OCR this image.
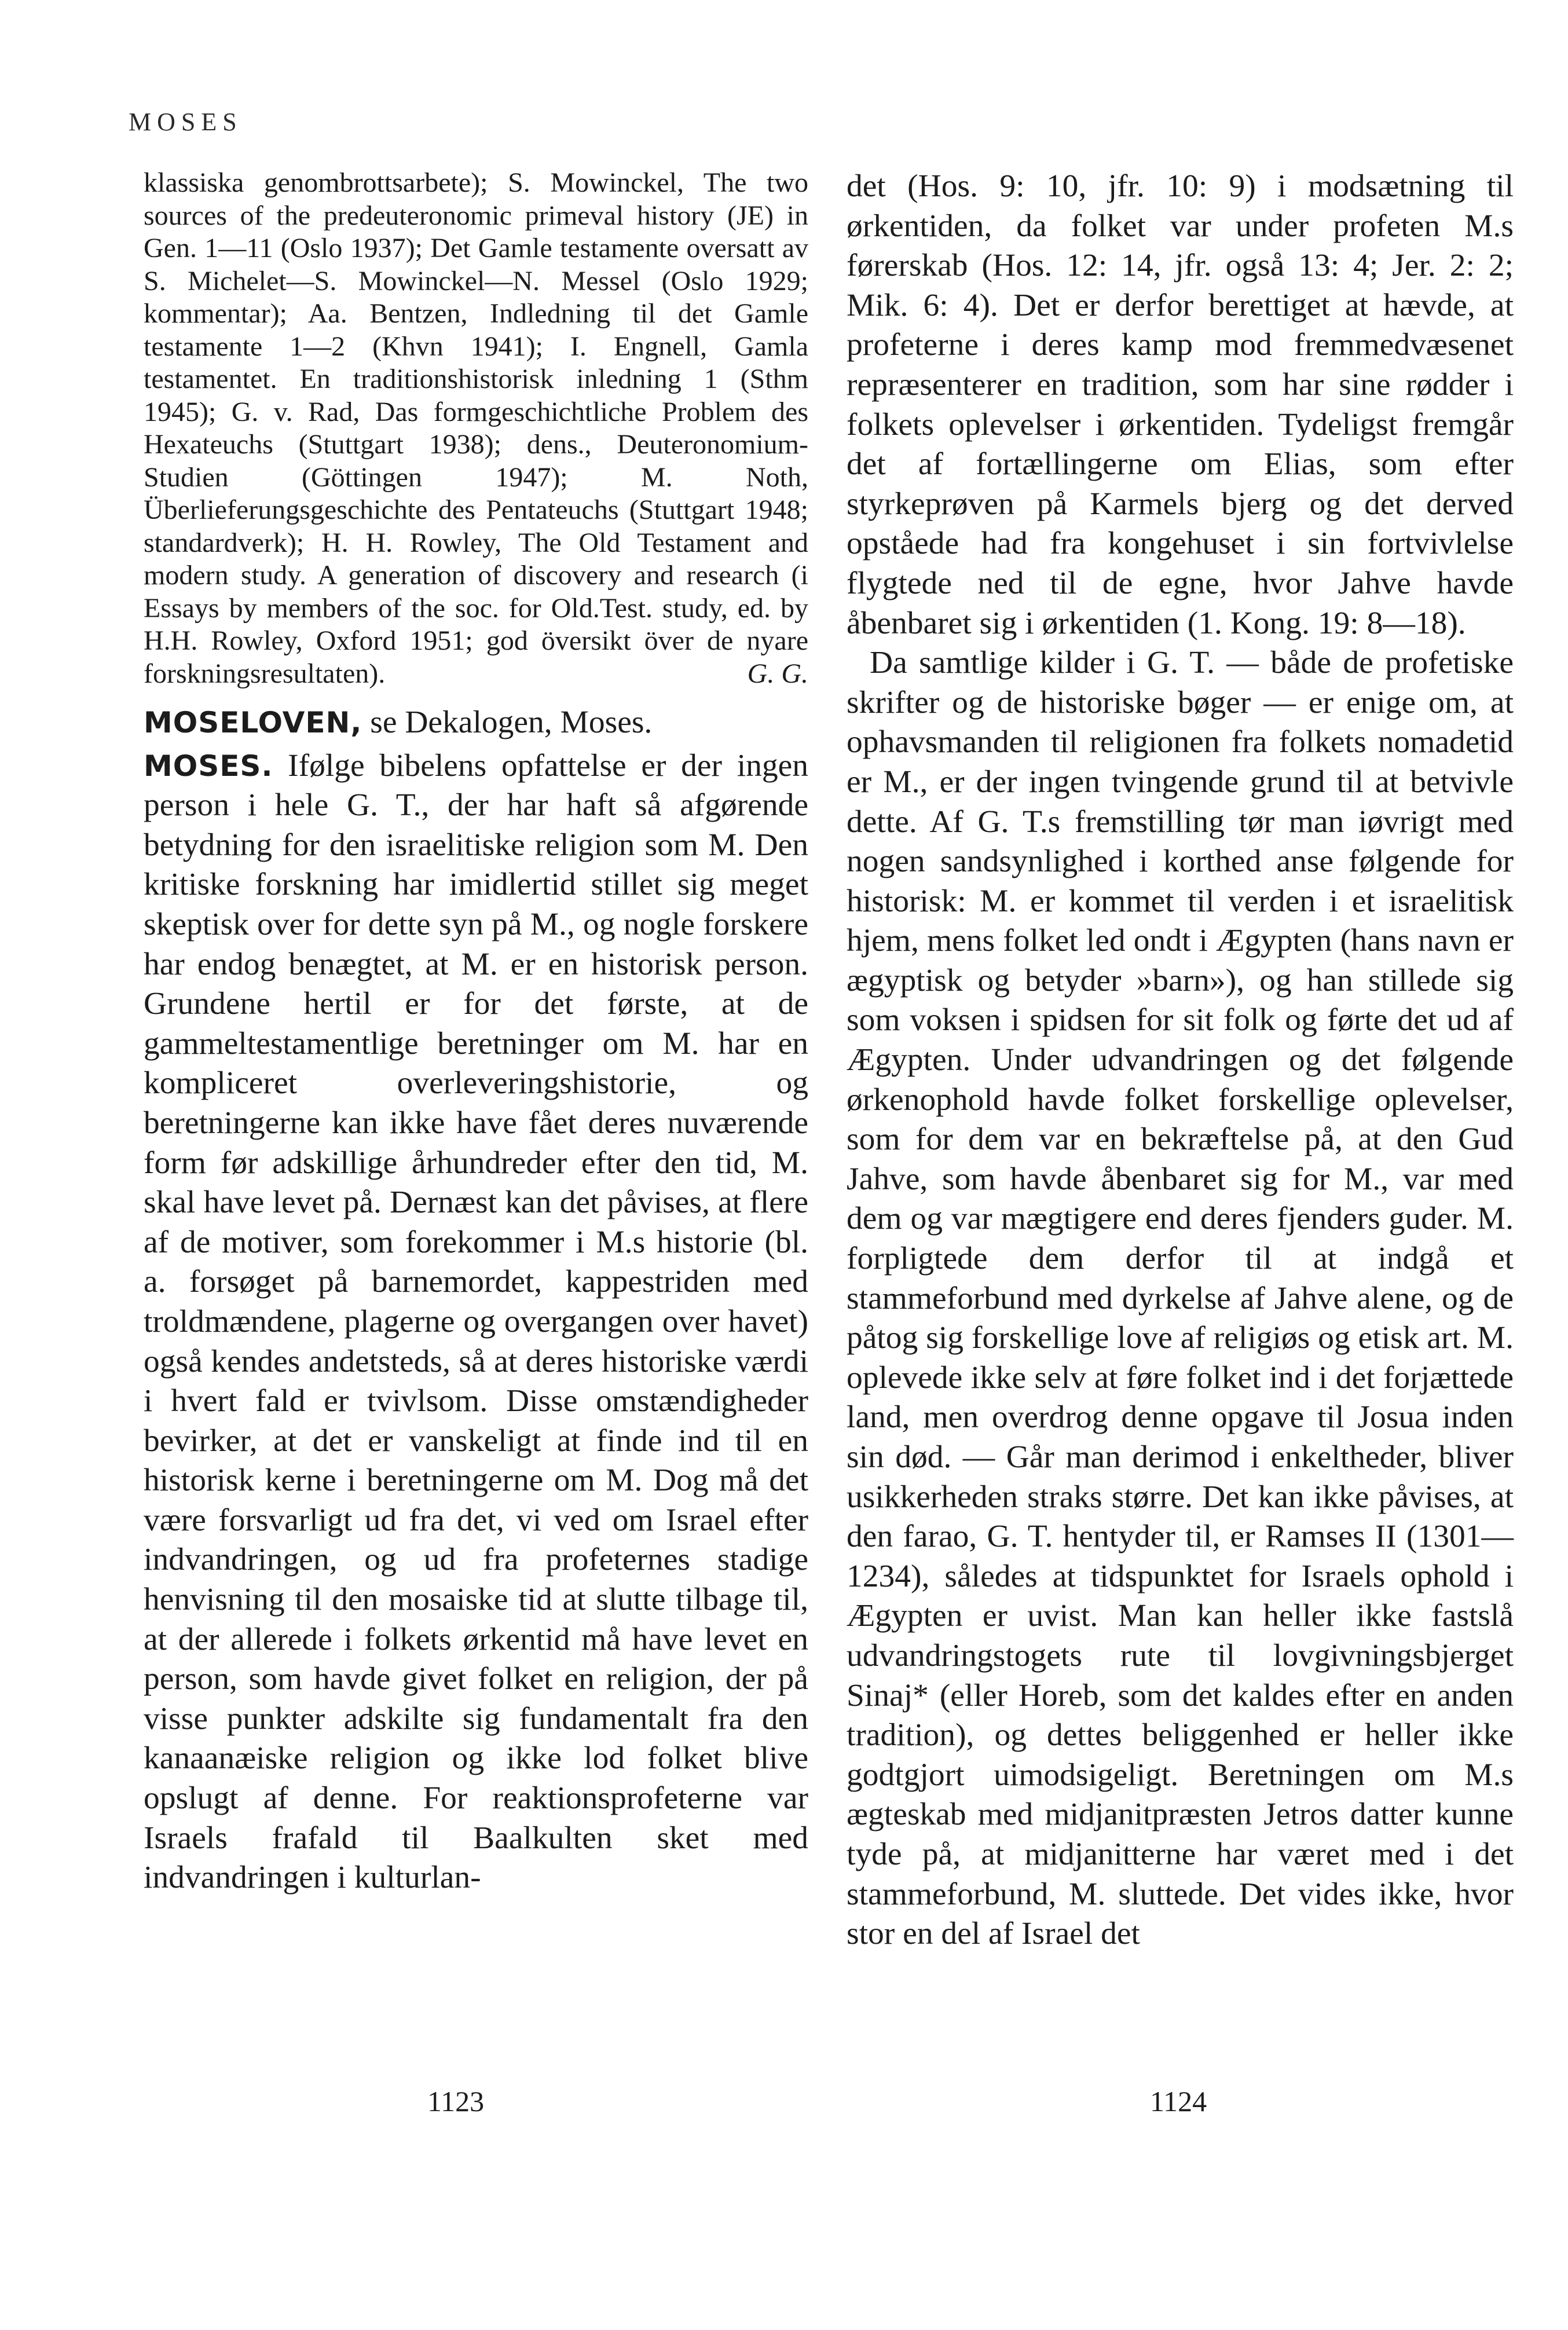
MOSES

klassiska genombrottsarbete); S. Mowinckel, The two sources of the predeuteronomic primeval history (JE) in Gen. 1—11 (Oslo 1937); Det Gamle testamente oversatt av S. Michelet—S. Mowinckel—N. Messel (Oslo 1929; kommentar); Aa. Bentzen, Indledning til det Gamle testamente 1—2 (Khvn 1941); I. Engnell, Gamla testamentet. En traditionshistorisk inledning 1 (Sthm 1945); G. v. Rad, Das formgeschichtliche Problem des Hexateuchs (Stuttgart 1938); dens., Deuteronomium-Studien (Göttingen 1947); M. Noth, Überlieferungsgeschichte des Pentateuchs (Stuttgart 1948; standardverk); H. H. Rowley, The Old Testament and modern study. A generation of discovery and research (i Essays by members of the soc. for Old.Test. study, ed. by H.H. Rowley, Oxford 1951; god översikt över de nyare forskningsresultaten).	G. G.

MOSELOVEN, se Dekalogen, Moses.

MOSES. Ifølge bibelens opfattelse er der ingen person i hele G. T., der har haft så afgørende betydning for den israelitiske religion som M. Den kritiske forskning har imidlertid stillet sig meget skeptisk over for dette syn på M., og nogle forskere har endog benægtet, at M. er en historisk person. Grundene hertil er for det første, at de gammeltestamentlige beretninger om M. har en kompliceret overleveringshistorie, og beretningerne kan ikke have fået deres nuværende form før adskillige århundreder efter den tid, M. skal have levet på. Dernæst kan det påvises, at flere af de motiver, som forekommer i M.s historie (bl. a. forsøget på barnemordet, kappestriden med troldmændene, plagerne og overgangen over havet) også kendes andetsteds, så at deres historiske værdi i hvert fald er tvivlsom. Disse omstændigheder bevirker, at det er vanskeligt at finde ind til en historisk kerne i beretningerne om M. Dog må det være forsvarligt ud fra det, vi ved om Israel efter indvandringen, og ud fra profeternes stadige henvisning til den mosaiske tid at slutte tilbage til, at der allerede i folkets ørkentid må have levet en person, som havde givet folket en religion, der på visse punkter adskilte sig fundamentalt fra den kanaanæiske religion og ikke lod folket blive opslugt af denne. For reaktionsprofeterne var Israels frafald til Baalkulten sket med indvandringen i kulturlan-

det (Hos. 9: 10, jfr. 10: 9) i modsætning til ørkentiden, da folket var under profeten M.s førerskab (Hos. 12: 14, jfr. også 13: 4; Jer. 2: 2; Mik. 6: 4). Det er derfor berettiget at hævde, at profeterne i deres kamp mod fremmedvæsenet repræsenterer en tradition, som har sine rødder i folkets oplevelser i ørkentiden. Tydeligst fremgår det af fortællingerne om Elias, som efter styrkeprøven på Karmels bjerg og det derved opståede had fra kongehuset i sin fortvivlelse flygtede ned til de egne, hvor Jahve havde åbenbaret sig i ørkentiden (1. Kong. 19: 8—18).

Da samtlige kilder i G. T. — både de profetiske skrifter og de historiske bøger — er enige om, at ophavsmanden til religionen fra folkets nomadetid er M., er der ingen tvingende grund til at betvivle dette. Af G. T.s fremstilling tør man iøvrigt med nogen sandsynlighed i korthed anse følgende for historisk: M. er kommet til verden i et israelitisk hjem, mens folket led ondt i Ægypten (hans navn er ægyptisk og betyder »barn»), og han stillede sig som voksen i spidsen for sit folk og førte det ud af Ægypten. Under udvandringen og det følgende ørkenophold havde folket forskellige oplevelser, som for dem var en bekræftelse på, at den Gud Jahve, som havde åbenbaret sig for M., var med dem og var mægtigere end deres fjenders guder. M. forpligtede dem derfor til at indgå et stammeforbund med dyrkelse af Jahve alene, og de påtog sig forskellige love af religiøs og etisk art. M. oplevede ikke selv at føre folket ind i det forjættede land, men overdrog denne opgave til Josua inden sin død. — Går man derimod i enkeltheder, bliver usikkerheden straks større. Det kan ikke påvises, at den farao, G. T. hentyder til, er Ramses II (1301—1234), således at tidspunktet for Israels ophold i Ægypten er uvist. Man kan heller ikke fastslå udvandringstogets rute til lovgivningsbjerget Sinaj* (eller Horeb, som det kaldes efter en anden tradition), og dettes beliggenhed er heller ikke godtgjort uimodsigeligt. Beretningen om M.s ægteskab med midjanitpræsten Jetros datter kunne tyde på, at midjanitterne har været med i det stammeforbund, M. sluttede. Det vides ikke, hvor stor en del af Israel det

1123	1124
